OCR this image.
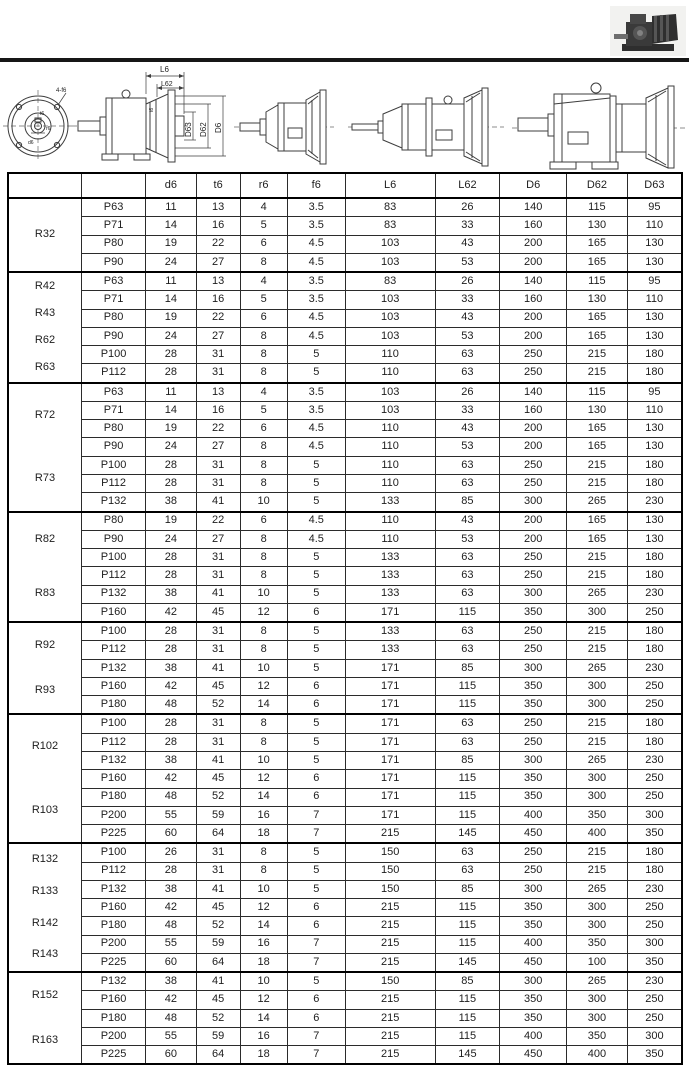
4-f6
t6
r6
d6
L6
L62
D63 D62 D6
t6
		d6	t6	r6	f6	L6	L62	D6	D62	D63

R32	P63	11	13	4	3.5	83	26	140	115	95
	P71	14	16	5	3.5	83	33	160	130	110
	P80	19	22	6	4.5	103	43	200	165	130
	P90	24	27	8	4.5	103	53	200	165	130

R42
R43
R62
R63	P63	11	13	4	3.5	83	26	140	115	95
	P71	14	16	5	3.5	103	33	160	130	110
	P80	19	22	6	4.5	103	43	200	165	130
	P90	24	27	8	4.5	103	53	200	165	130
	P100	28	31	8	5	110	63	250	215	180
	P112	28	31	8	5	110	63	250	215	180

R72
R73	P63	11	13	4	3.5	103	26	140	115	95
	P71	14	16	5	3.5	103	33	160	130	110
	P80	19	22	6	4.5	110	43	200	165	130
	P90	24	27	8	4.5	110	53	200	165	130
	P100	28	31	8	5	110	63	250	215	180
	P112	28	31	8	5	110	63	250	215	180
	P132	38	41	10	5	133	85	300	265	230

R82
R83	P80	19	22	6	4.5	110	43	200	165	130
	P90	24	27	8	4.5	110	53	200	165	130
	P100	28	31	8	5	133	63	250	215	180
	P112	28	31	8	5	133	63	250	215	180
	P132	38	41	10	5	133	63	300	265	230
	P160	42	45	12	6	171	115	350	300	250

R92
R93	P100	28	31	8	5	133	63	250	215	180
	P112	28	31	8	5	133	63	250	215	180
	P132	38	41	10	5	171	85	300	265	230
	P160	42	45	12	6	171	115	350	300	250
	P180	48	52	14	6	171	115	350	300	250

R102
R103	P100	28	31	8	5	171	63	250	215	180
	P112	28	31	8	5	171	63	250	215	180
	P132	38	41	10	5	171	85	300	265	230
	P160	42	45	12	6	171	115	350	300	250
	P180	48	52	14	6	171	115	350	300	250
	P200	55	59	16	7	171	115	400	350	300
	P225	60	64	18	7	215	145	450	400	350

R132
R133
R142
R143	P100	26	31	8	5	150	63	250	215	180
	P112	28	31	8	5	150	63	250	215	180
	P132	38	41	10	5	150	85	300	265	230
	P160	42	45	12	6	215	115	350	300	250
	P180	48	52	14	6	215	115	350	300	250
	P200	55	59	16	7	215	115	400	350	300
	P225	60	64	18	7	215	145	450	100	350

R152
R163	P132	38	41	10	5	150	85	300	265	230
	P160	42	45	12	6	215	115	350	300	250
	P180	48	52	14	6	215	115	350	300	250
	P200	55	59	16	7	215	115	400	350	300
	P225	60	64	18	7	215	145	450	400	350
